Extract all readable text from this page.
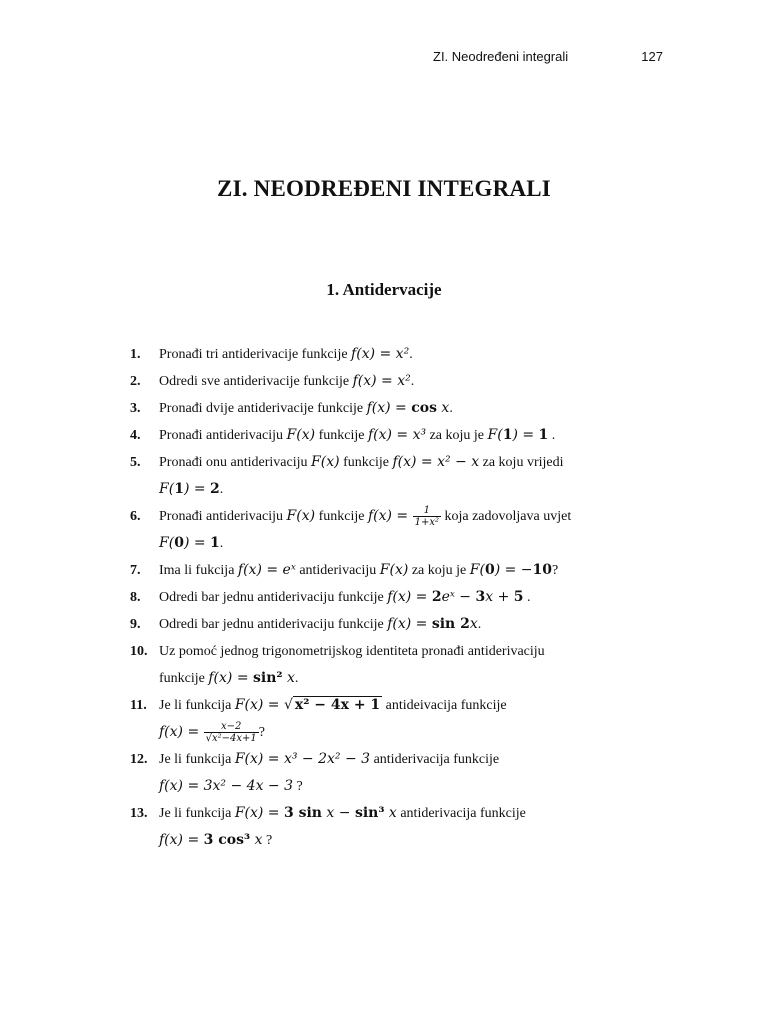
ZI. Neodređeni integrali	127
ZI. NEODREĐENI INTEGRALI
1. Antidervacije
1.	Pronađi tri antiderivacije funkcije f(x) = x².
2.	Odredi sve antiderivacije funkcije f(x) = x².
3.	Pronađi dvije antiderivacije funkcije f(x) = cos x.
4.	Pronađi antiderivaciju F(x) funkcije f(x) = x³ za koju je F(1) = 1 .
5.	Pronađi onu antiderivaciju F(x) funkcije f(x) = x² − x za koju vrijedi
F(1) = 2.
6.	Pronađi antiderivaciju F(x) funkcije $f(x) = \frac{1}{\text{1+x²}}$ koja zadovoljava uvjet
F(0) = 1.
7.	Ima li fukcija f(x) = eˣ antiderivaciju F(x) za koju je F(0) = −10?
8.	Odredi bar jednu antiderivaciju funkcije f(x) = 2eˣ − 3x + 5 .
9.	Odredi bar jednu antiderivaciju funkcije f(x) = sin 2x.
10. Uz pomoć jednog trigonometrijskog identiteta pronađi antiderivaciju
funkcije f(x) = sin² x.
11. Je li funkcija F(x) = √ x² − 4x + 1 antideivacija funkcije
$f(x) = \frac{x-2}{\text{√x²−4x+1}}$ ?
12. Je li funkcija F(x) = x³ − 2x² − 3 antiderivacija funkcije
f(x) = 3x² − 4x − 3 ?
13. Je li funkcija F(x) = 3 sin x − sin³ x antiderivacija funkcije
f(x) = 3 cos³ x ?
